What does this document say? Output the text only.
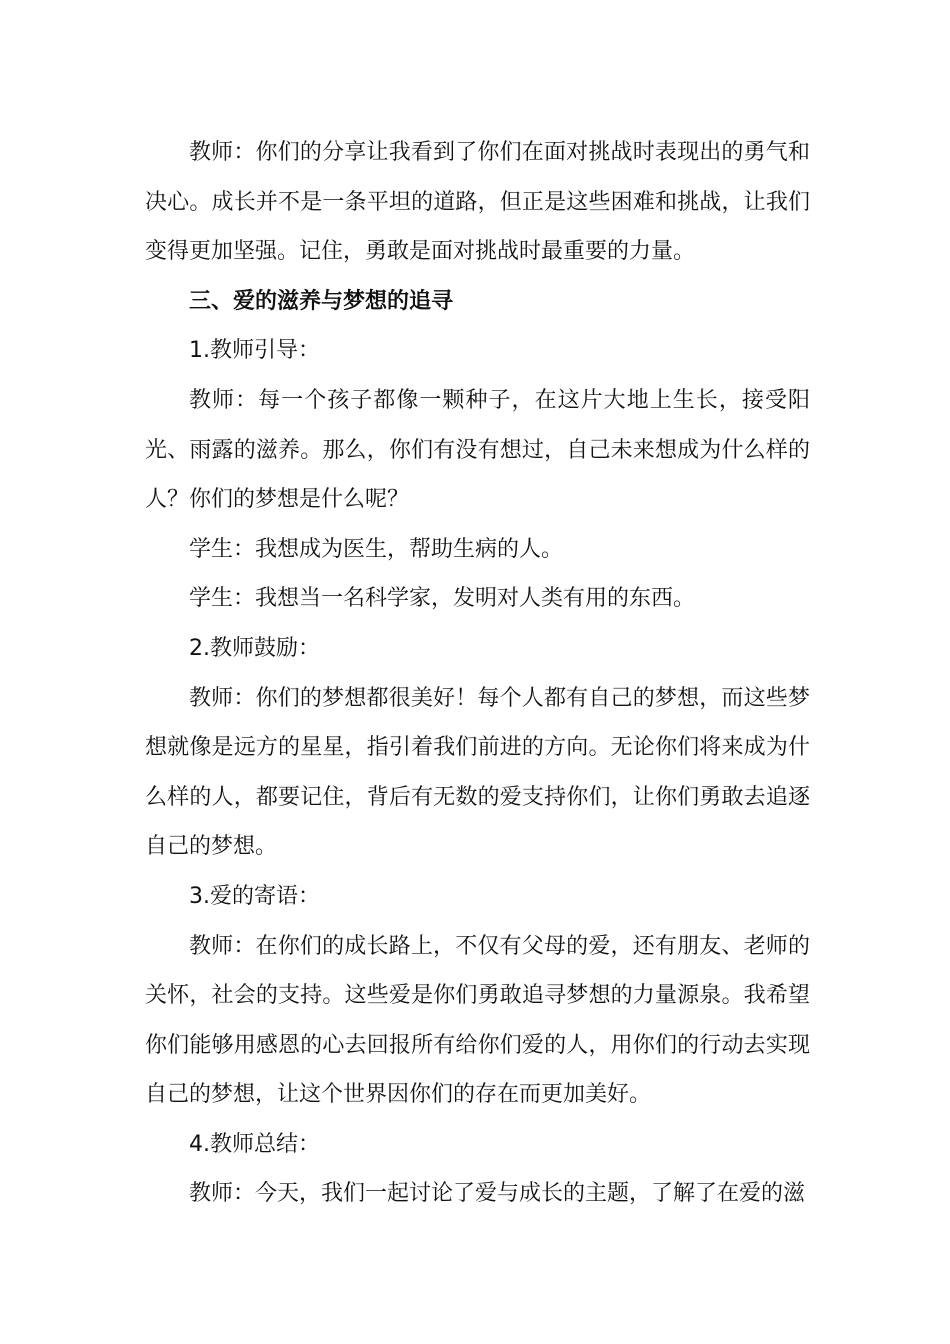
教师：你们的分享让我看到了你们在面对挑战时表现出的勇气和决心。成长并不是一条平坦的道路，但正是这些困难和挑战，让我们变得更加坚强。记住，勇敢是面对挑战时最重要的力量。

三、爱的滋养与梦想的追寻

1.教师引导：

教师：每一个孩子都像一颗种子，在这片大地上生长，接受阳光、雨露的滋养。那么，你们有没有想过，自己未来想成为什么样的人？你们的梦想是什么呢？

学生：我想成为医生，帮助生病的人。

学生：我想当一名科学家，发明对人类有用的东西。

2.教师鼓励：

教师：你们的梦想都很美好！每个人都有自己的梦想，而这些梦想就像是远方的星星，指引着我们前进的方向。无论你们将来成为什么样的人，都要记住，背后有无数的爱支持你们，让你们勇敢去追逐自己的梦想。

3.爱的寄语：

教师：在你们的成长路上，不仅有父母的爱，还有朋友、老师的关怀，社会的支持。这些爱是你们勇敢追寻梦想的力量源泉。我希望你们能够用感恩的心去回报所有给你们爱的人，用你们的行动去实现自己的梦想，让这个世界因你们的存在而更加美好。

4.教师总结：

教师：今天，我们一起讨论了爱与成长的主题，了解了在爱的滋
